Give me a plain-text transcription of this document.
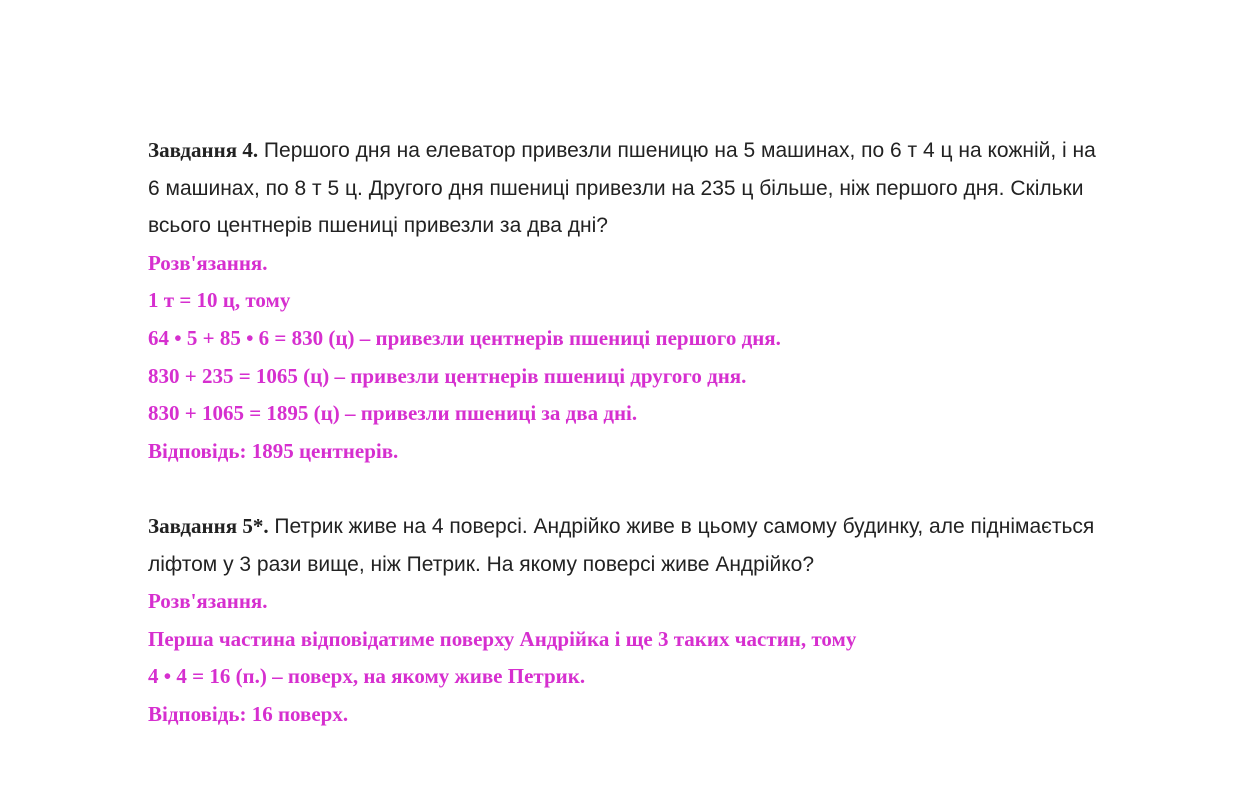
Завдання 4. Першого дня на елеватор привезли пшеницю на 5 машинах, по 6 т 4 ц на кожній, і на
6 машинах, по 8 т 5 ц. Другого дня пшениці привезли на 235 ц більше, ніж першого дня. Скільки
всього центнерів пшениці привезли за два дні?
Розв'язання.
1 т = 10 ц, тому
64 • 5 + 85 • 6 = 830 (ц) – привезли центнерів пшениці першого дня.
830 + 235 = 1065 (ц) – привезли центнерів пшениці другого дня.
830 + 1065 = 1895 (ц) – привезли пшениці за два дні.
Відповідь: 1895 центнерів.
Завдання 5*. Петрик живе на 4 поверсі. Андрійко живе в цьому самому будинку, але піднімається
ліфтом у 3 рази вище, ніж Петрик. На якому поверсі живе Андрійко?
Розв'язання.
Перша частина відповідатиме поверху Андрійка і ще 3 таких частин, тому
4 • 4 = 16 (п.) – поверх, на якому живе Петрик.
Відповідь: 16 поверх.
